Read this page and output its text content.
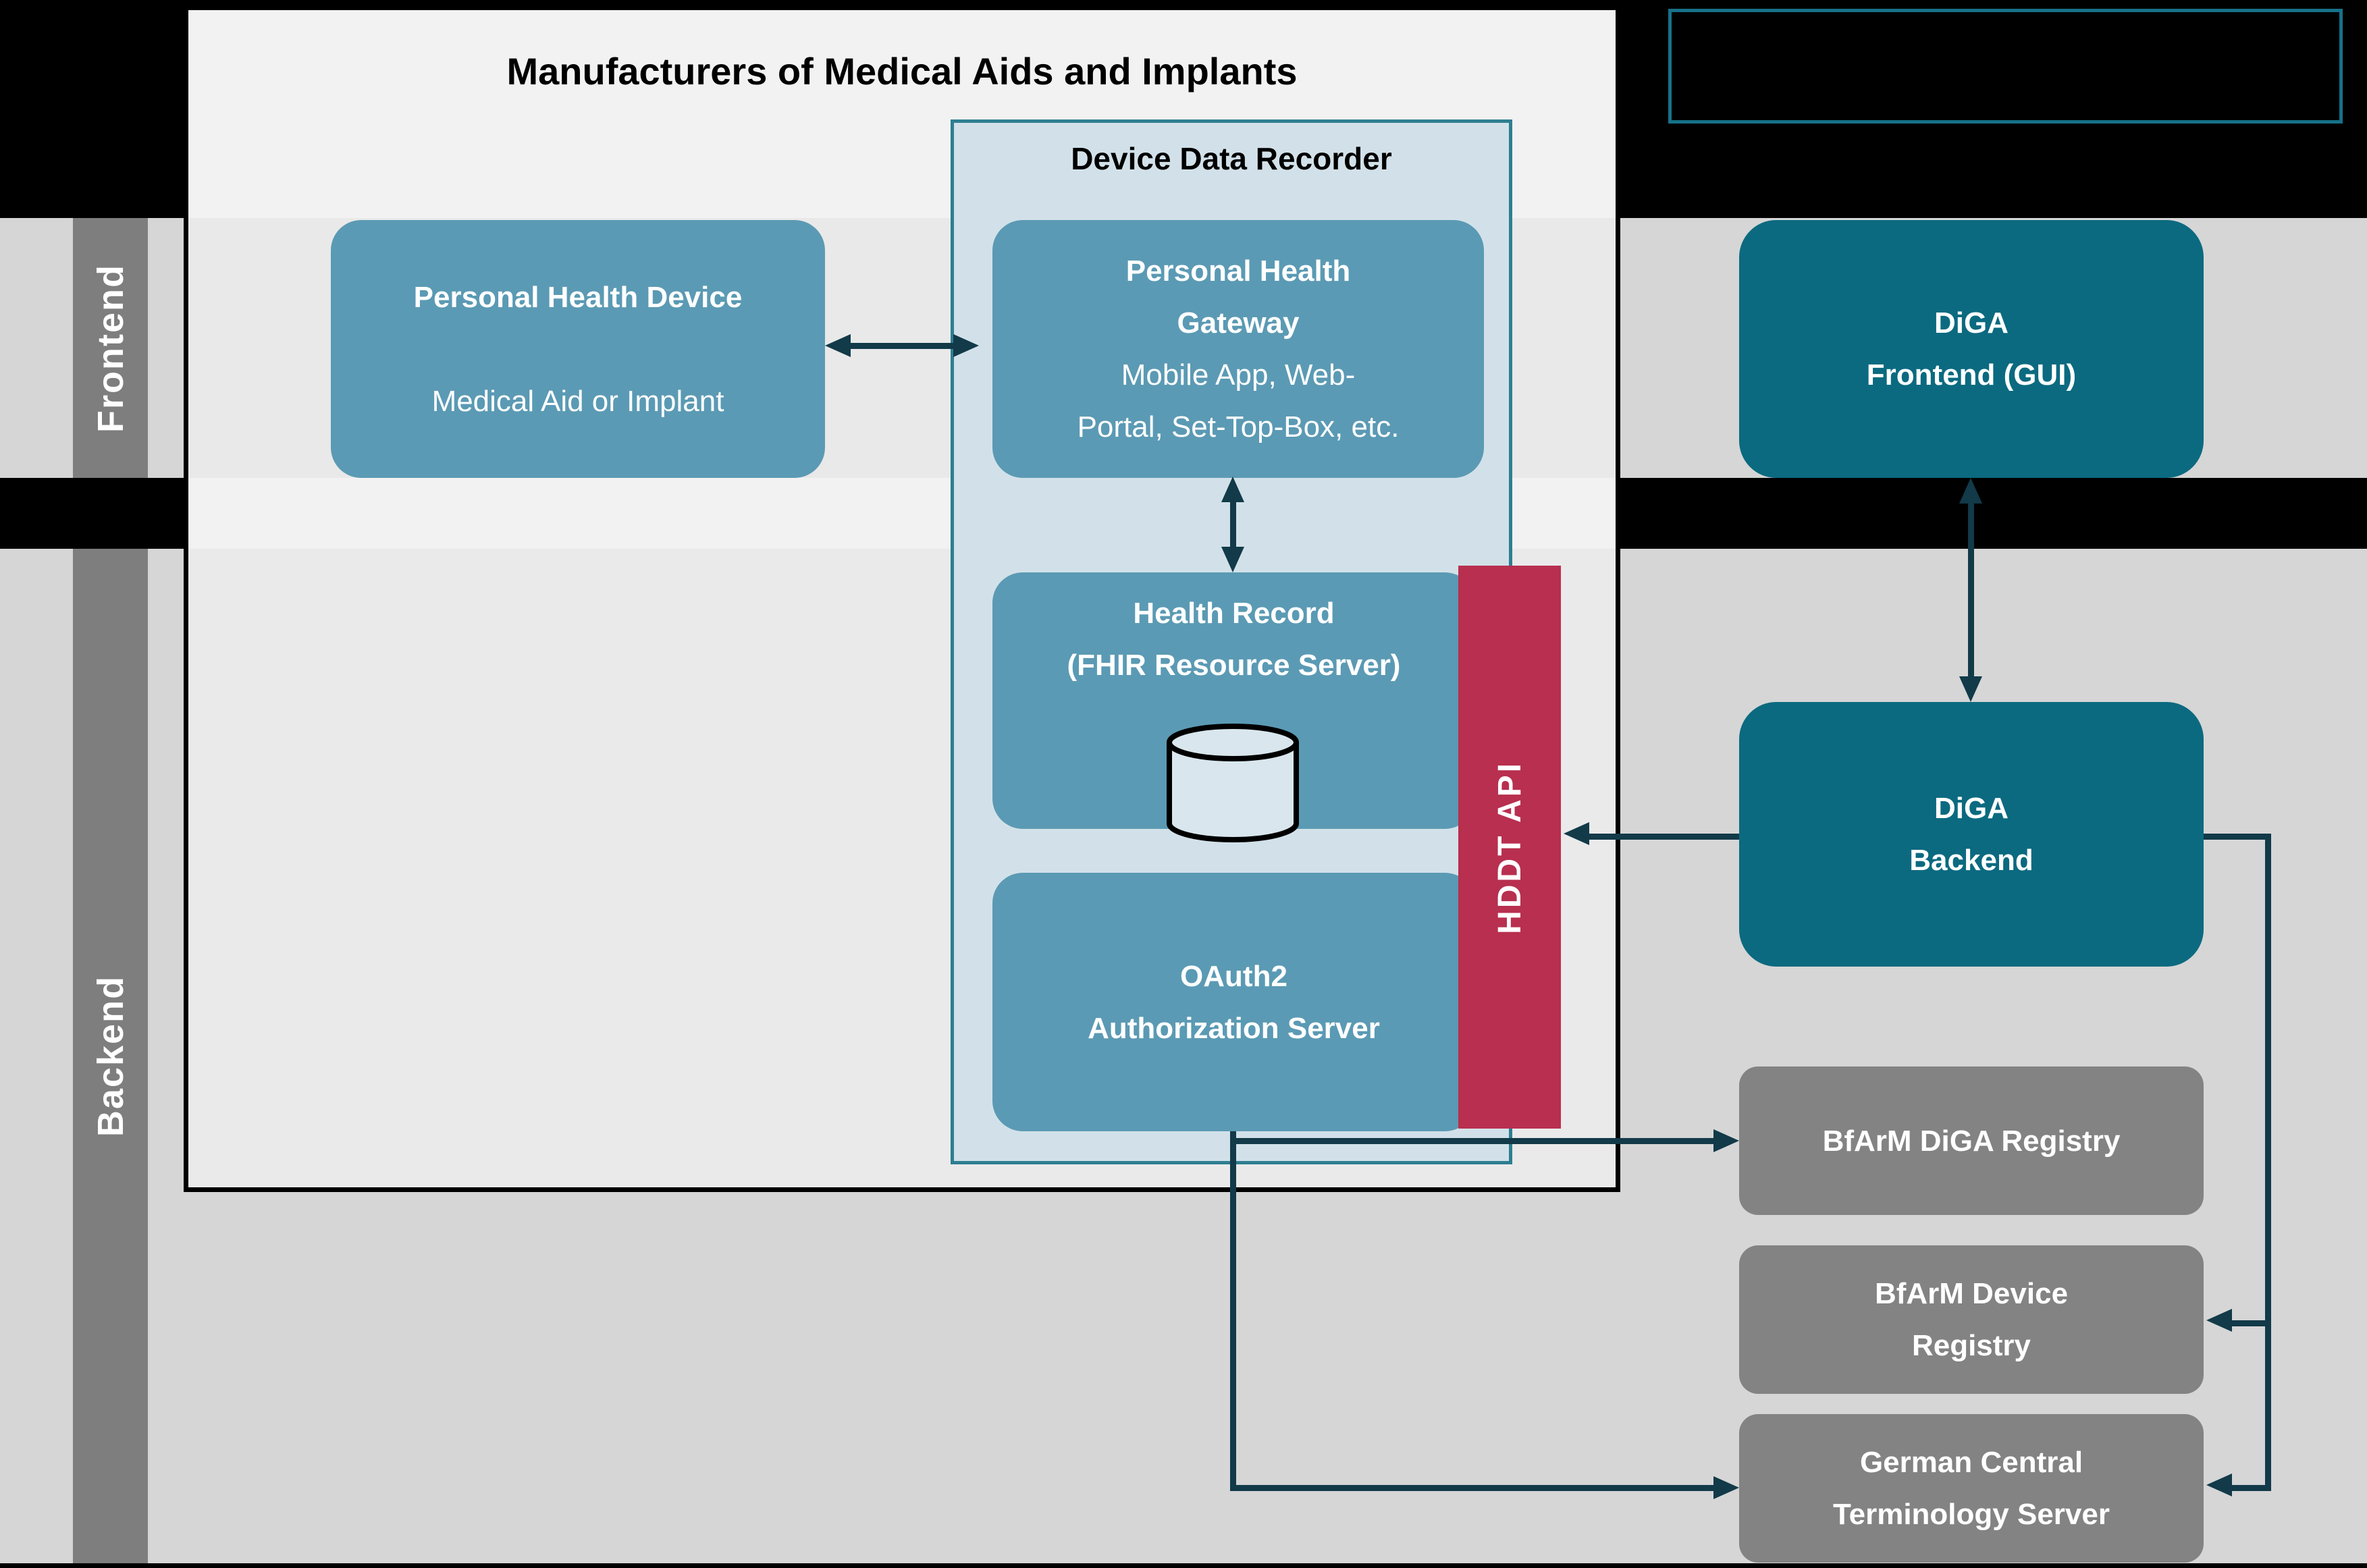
Frontend
Backend
Manufacturers of Medical Aids and Implants
Device Data Recorder
Personal Health Device
Medical Aid or Implant
Personal Health
Gateway
Mobile App, Web-
Portal, Set-Top-Box, etc.
Health Record
(FHIR Resource Server)
OAuth2
Authorization Server
HDDT API
DiGA
Frontend (GUI)
DiGA
Backend
BfArM DiGA Registry
BfArM Device
Registry
German Central
Terminology Server
